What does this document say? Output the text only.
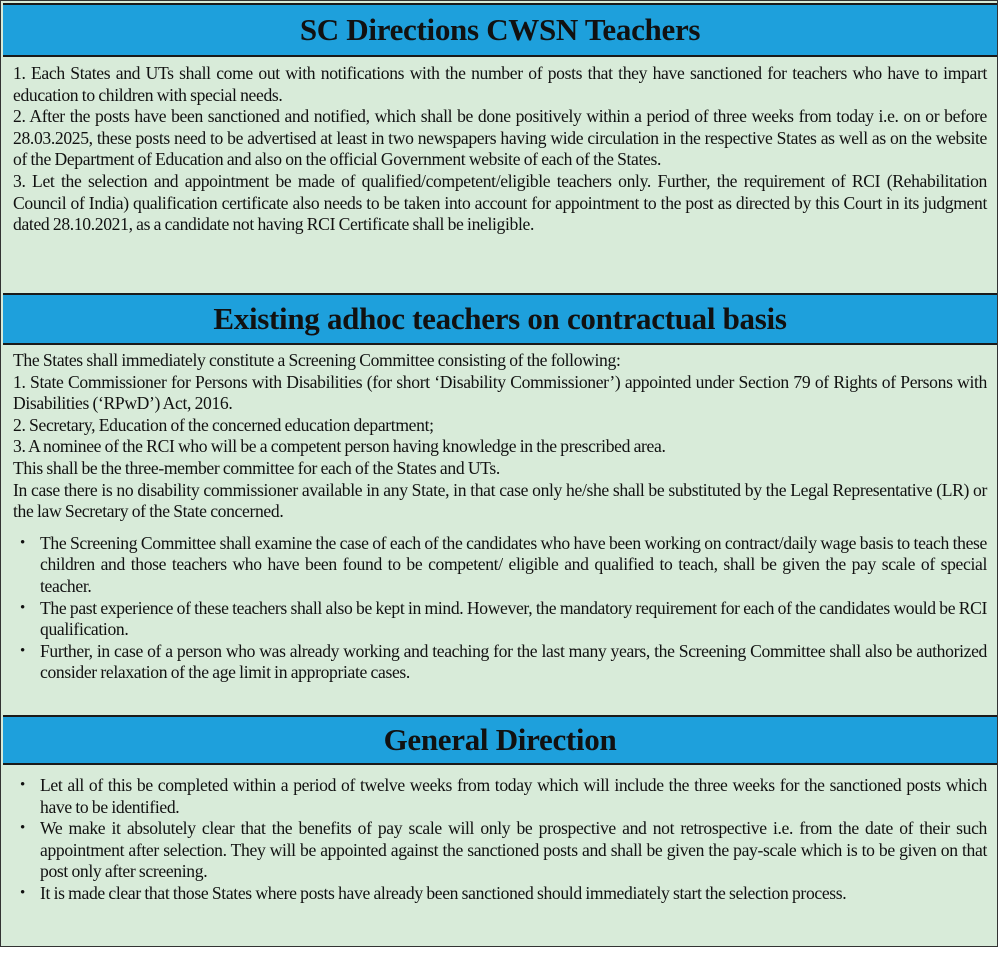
SC Directions CWSN Teachers

1. Each States and UTs shall come out with notifications with the number of posts that they have sanctioned for teachers who have to impart education to children with special needs.

2. After the posts have been sanctioned and notified, which shall be done positively within a period of three weeks from today i.e. on or before 28.03.2025, these posts need to be advertised at least in two newspapers having wide circulation in the respective States as well as on the website of the Department of Education and also on the official Government website of each of the States.

3. Let the selection and appointment be made of qualified/competent/eligible teachers only. Further, the requirement of RCI (Rehabilitation Council of India) qualification certificate also needs to be taken into account for appointment to the post as directed by this Court in its judgment dated 28.10.2021, as a candidate not having RCI Certificate shall be ineligible.

Existing adhoc teachers on contractual basis

The States shall immediately constitute a Screening Committee consisting of the following:

1. State Commissioner for Persons with Disabilities (for short ‘Disability Commissioner’) appointed under Section 79 of Rights of Persons with Disabilities (‘RPwD’) Act, 2016.

2. Secretary, Education of the concerned education department;

3. A nominee of the RCI who will be a competent person having knowledge in the prescribed area.

This shall be the three-member committee for each of the States and UTs.

In case there is no disability commissioner available in any State, in that case only he/she shall be substituted by the Legal Representative (LR) or the law Secretary of the State concerned.

• The Screening Committee shall examine the case of each of the candidates who have been working on contract/daily wage basis to teach these children and those teachers who have been found to be competent/ eligible and qualified to teach, shall be given the pay scale of special teacher.
• The past experience of these teachers shall also be kept in mind. However, the mandatory requirement for each of the candidates would be RCI qualification.
• Further, in case of a person who was already working and teaching for the last many years, the Screening Committee shall also be authorized consider relaxation of the age limit in appropriate cases.
General Direction
• Let all of this be completed within a period of twelve weeks from today which will include the three weeks for the sanctioned posts which have to be identified.
• We make it absolutely clear that the benefits of pay scale will only be prospective and not retrospective i.e. from the date of their such appointment after selection. They will be appointed against the sanctioned posts and shall be given the pay-scale which is to be given on that post only after screening.
• It is made clear that those States where posts have already been sanctioned should immediately start the selection process.
